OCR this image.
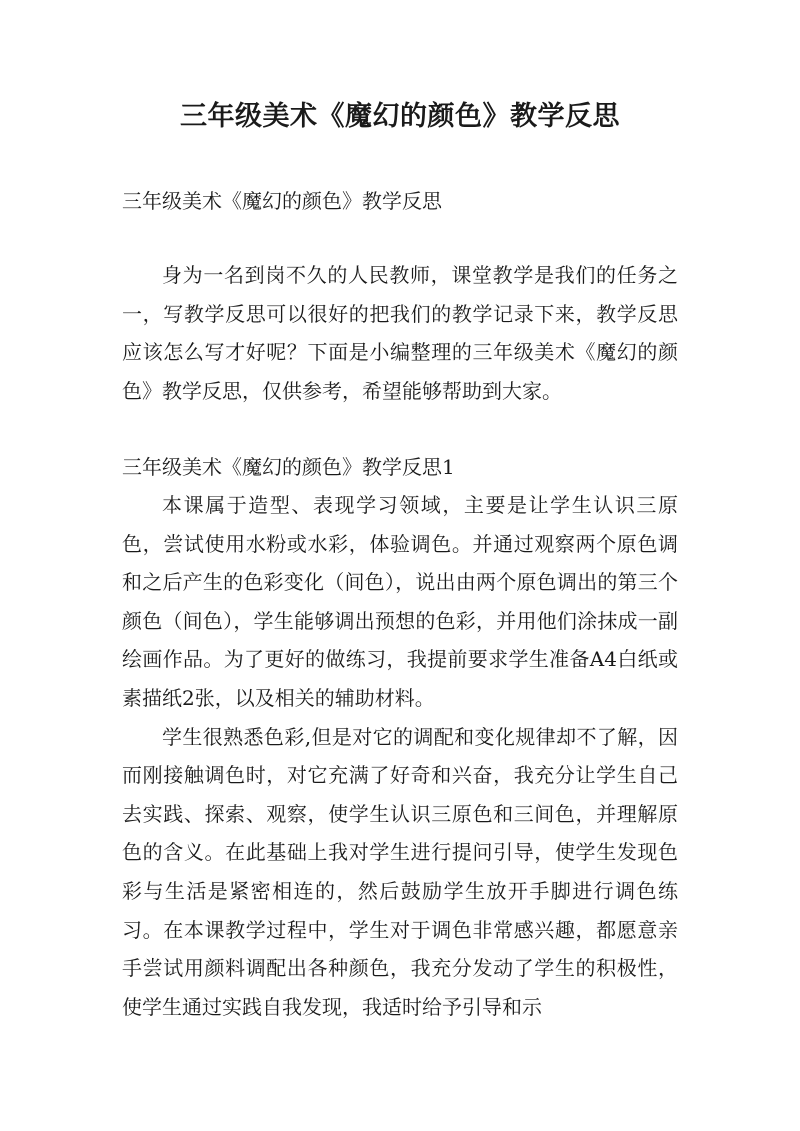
三年级美术《魔幻的颜色》教学反思

三年级美术《魔幻的颜色》教学反思

身为一名到岗不久的人民教师，课堂教学是我们的任务之一，写教学反思可以很好的把我们的教学记录下来，教学反思应该怎么写才好呢？下面是小编整理的三年级美术《魔幻的颜色》教学反思，仅供参考，希望能够帮助到大家。

三年级美术《魔幻的颜色》教学反思1

本课属于造型、表现学习领域，主要是让学生认识三原色，尝试使用水粉或水彩，体验调色。并通过观察两个原色调和之后产生的色彩变化（间色），说出由两个原色调出的第三个颜色（间色），学生能够调出预想的色彩，并用他们涂抹成一副绘画作品。为了更好的做练习，我提前要求学生准备A4白纸或素描纸2张，以及相关的辅助材料。

学生很熟悉色彩,但是对它的调配和变化规律却不了解，因而刚接触调色时，对它充满了好奇和兴奋，我充分让学生自己去实践、探索、观察，使学生认识三原色和三间色，并理解原色的含义。在此基础上我对学生进行提问引导，使学生发现色彩与生活是紧密相连的，然后鼓励学生放开手脚进行调色练习。在本课教学过程中，学生对于调色非常感兴趣，都愿意亲手尝试用颜料调配出各种颜色，我充分发动了学生的积极性，使学生通过实践自我发现，我适时给予引导和示
